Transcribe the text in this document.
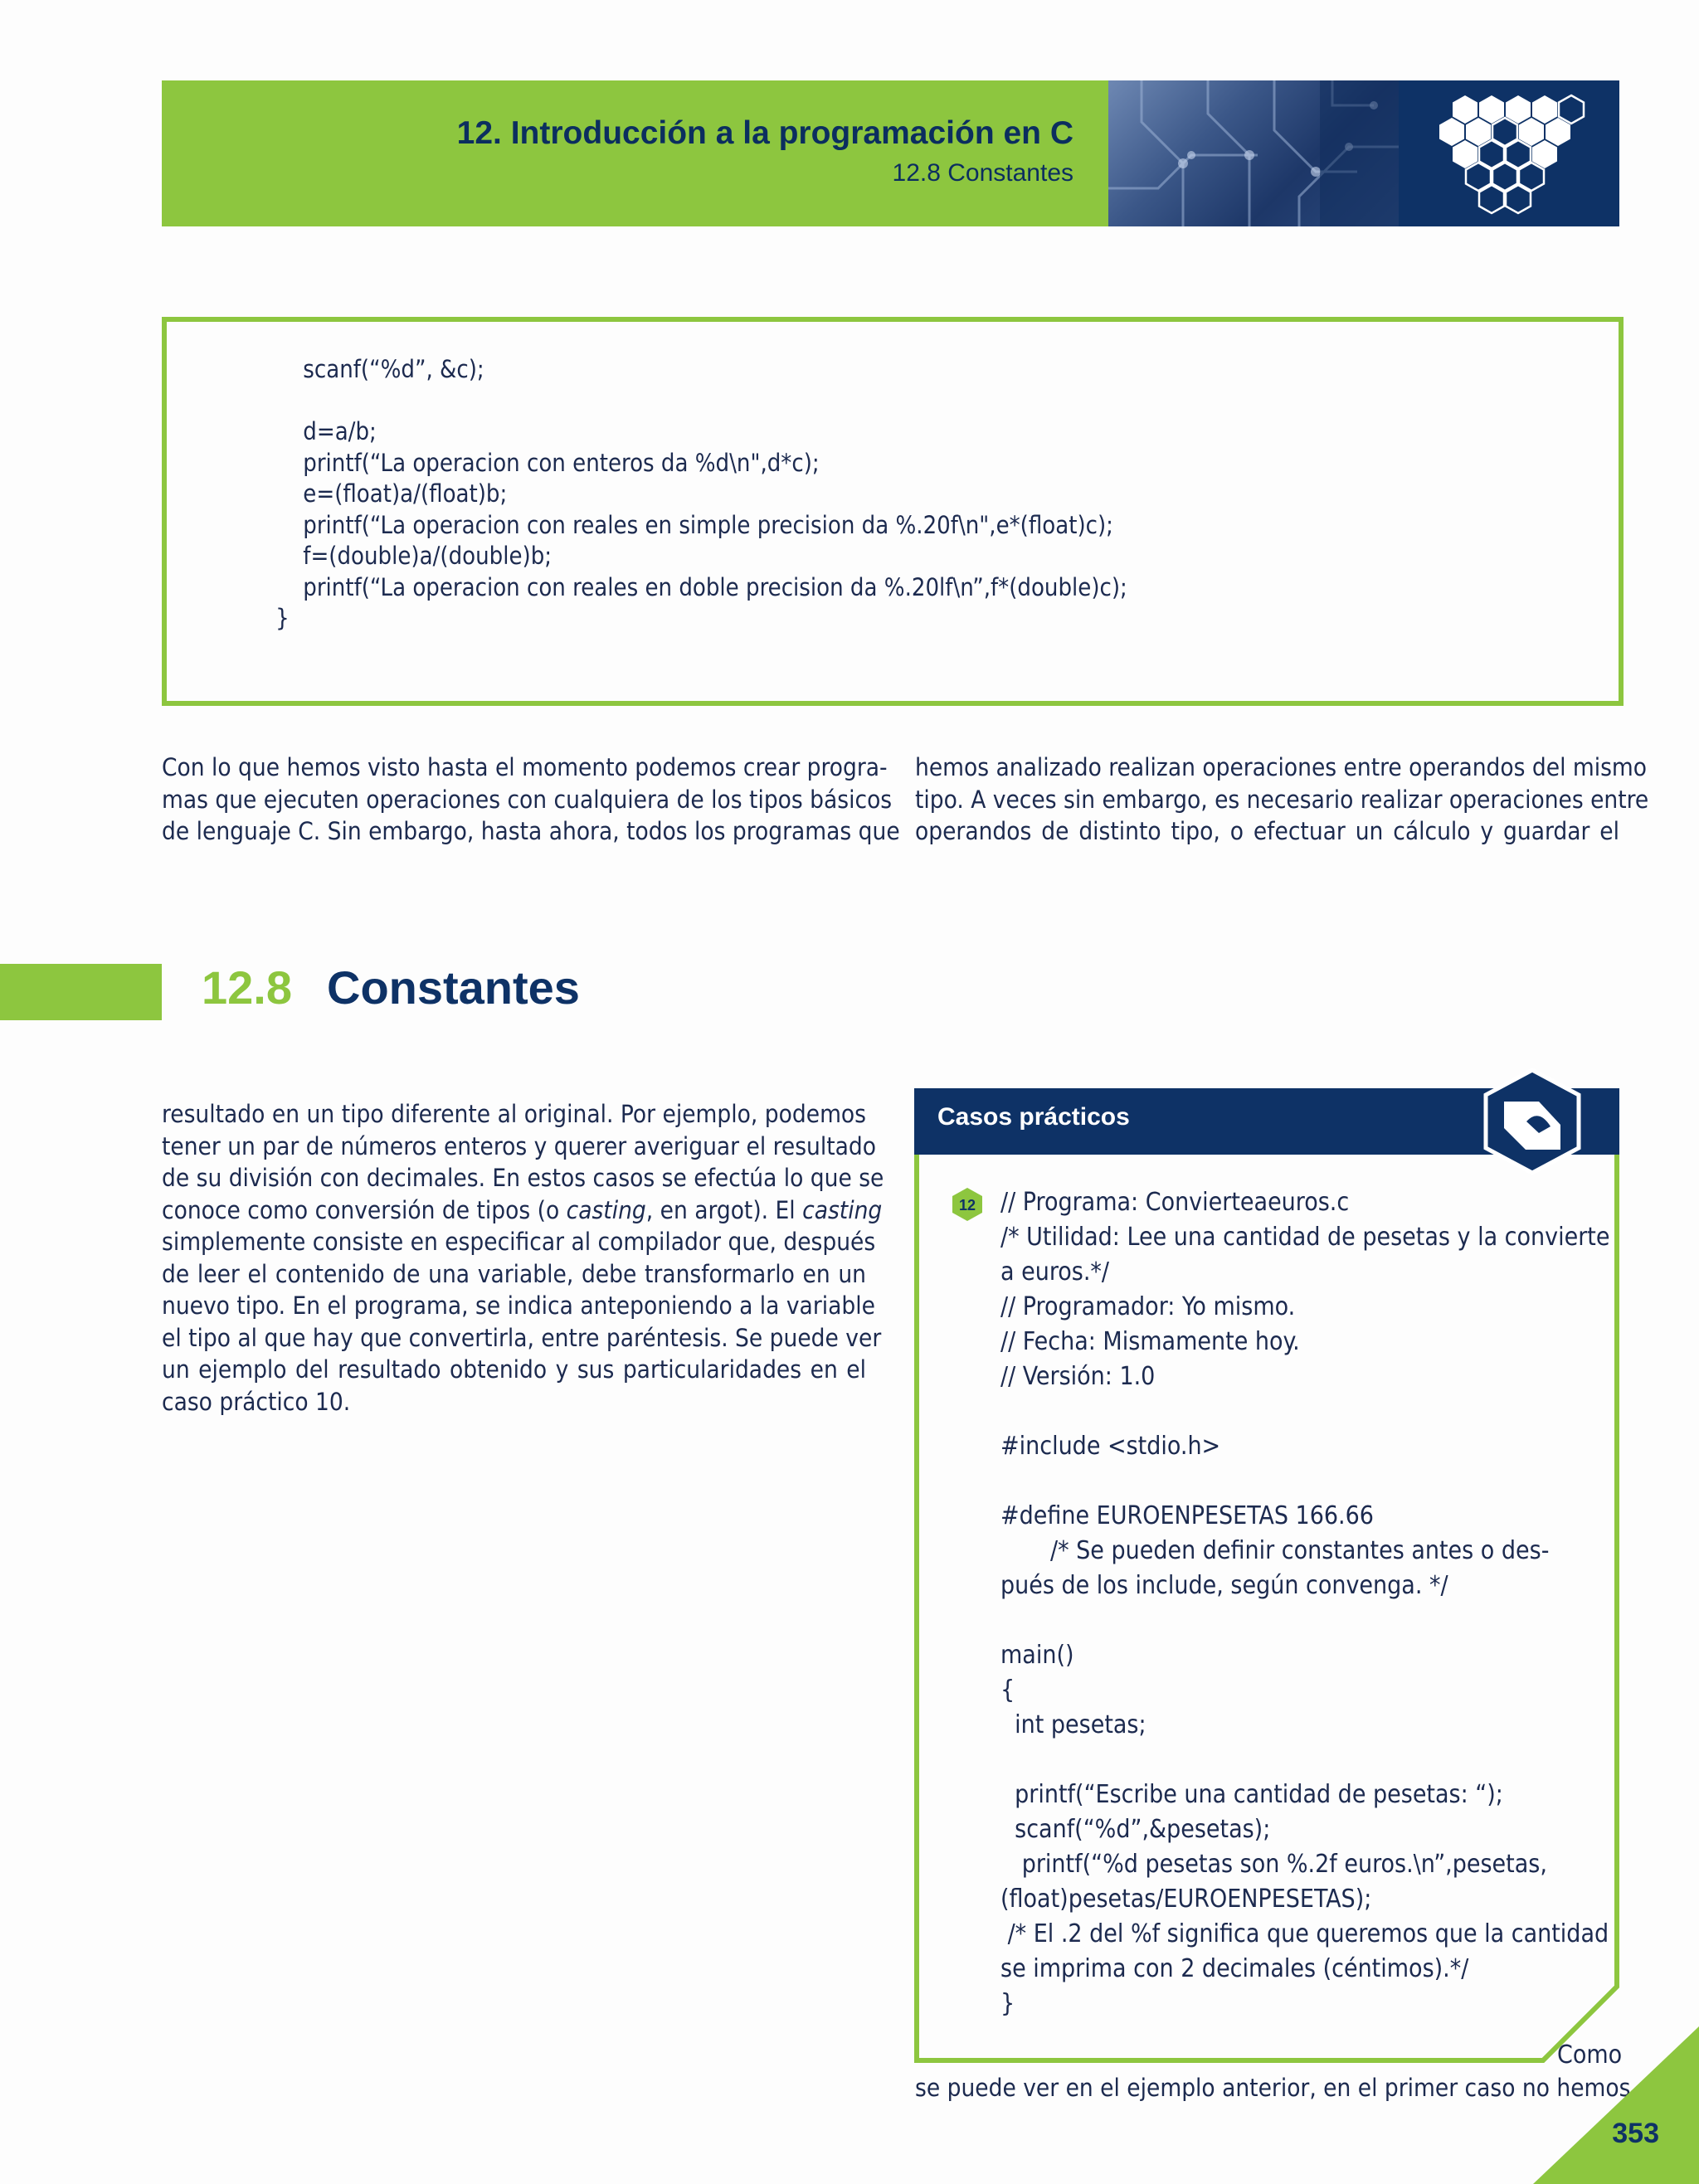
12. Introducción a la programación en C
12.8 Constantes
scanf(“%d”, &c);

d=a/b;
printf(“La operacion con enteros da %d\n",d*c);
e=(float)a/(float)b;
printf(“La operacion con reales en simple precision da %.20f\n",e*(float)c);
f=(double)a/(double)b;
printf(“La operacion con reales en doble precision da %.20lf\n”,f*(double)c);
}
Con lo que hemos visto hasta el momento podemos crear progra-
mas que ejecuten operaciones con cualquiera de los tipos básicos
de lenguaje C. Sin embargo, hasta ahora, todos los programas que
hemos analizado realizan operaciones entre operandos del mismo
tipo. A veces sin embargo, es necesario realizar operaciones entre
operandos de distinto tipo, o efectuar un cálculo y guardar el
12.8 Constantes
resultado en un tipo diferente al original. Por ejemplo, podemos
tener un par de números enteros y querer averiguar el resultado
de su división con decimales. En estos casos se efectúa lo que se
conoce como conversión de tipos (o casting, en argot). El casting
simplemente consiste en especificar al compilador que, después
de leer el contenido de una variable, debe transformarlo en un
nuevo tipo. En el programa, se indica anteponiendo a la variable
el tipo al que hay que convertirla, entre paréntesis. Se puede ver
un ejemplo del resultado obtenido y sus particularidades en el
caso práctico 10.
Casos prácticos
// Programa: Convierteaeuros.c
/* Utilidad: Lee una cantidad de pesetas y la convierte
a euros.*/
// Programador: Yo mismo.
// Fecha: Mismamente hoy.
// Versión: 1.0

#include <stdio.h>

#define EUROENPESETAS 166.66
/* Se pueden definir constantes antes o des-
pués de los include, según convenga. */

main()
{
int pesetas;

printf(“Escribe una cantidad de pesetas: “);
scanf(“%d”,&pesetas);
printf(“%d pesetas son %.2f euros.\n”,pesetas,
(float)pesetas/EUROENPESETAS);
/* El .2 del %f significa que queremos que la cantidad
se imprima con 2 decimales (céntimos).*/
}
12
Como
se puede ver en el ejemplo anterior, en el primer caso no hemos
353
